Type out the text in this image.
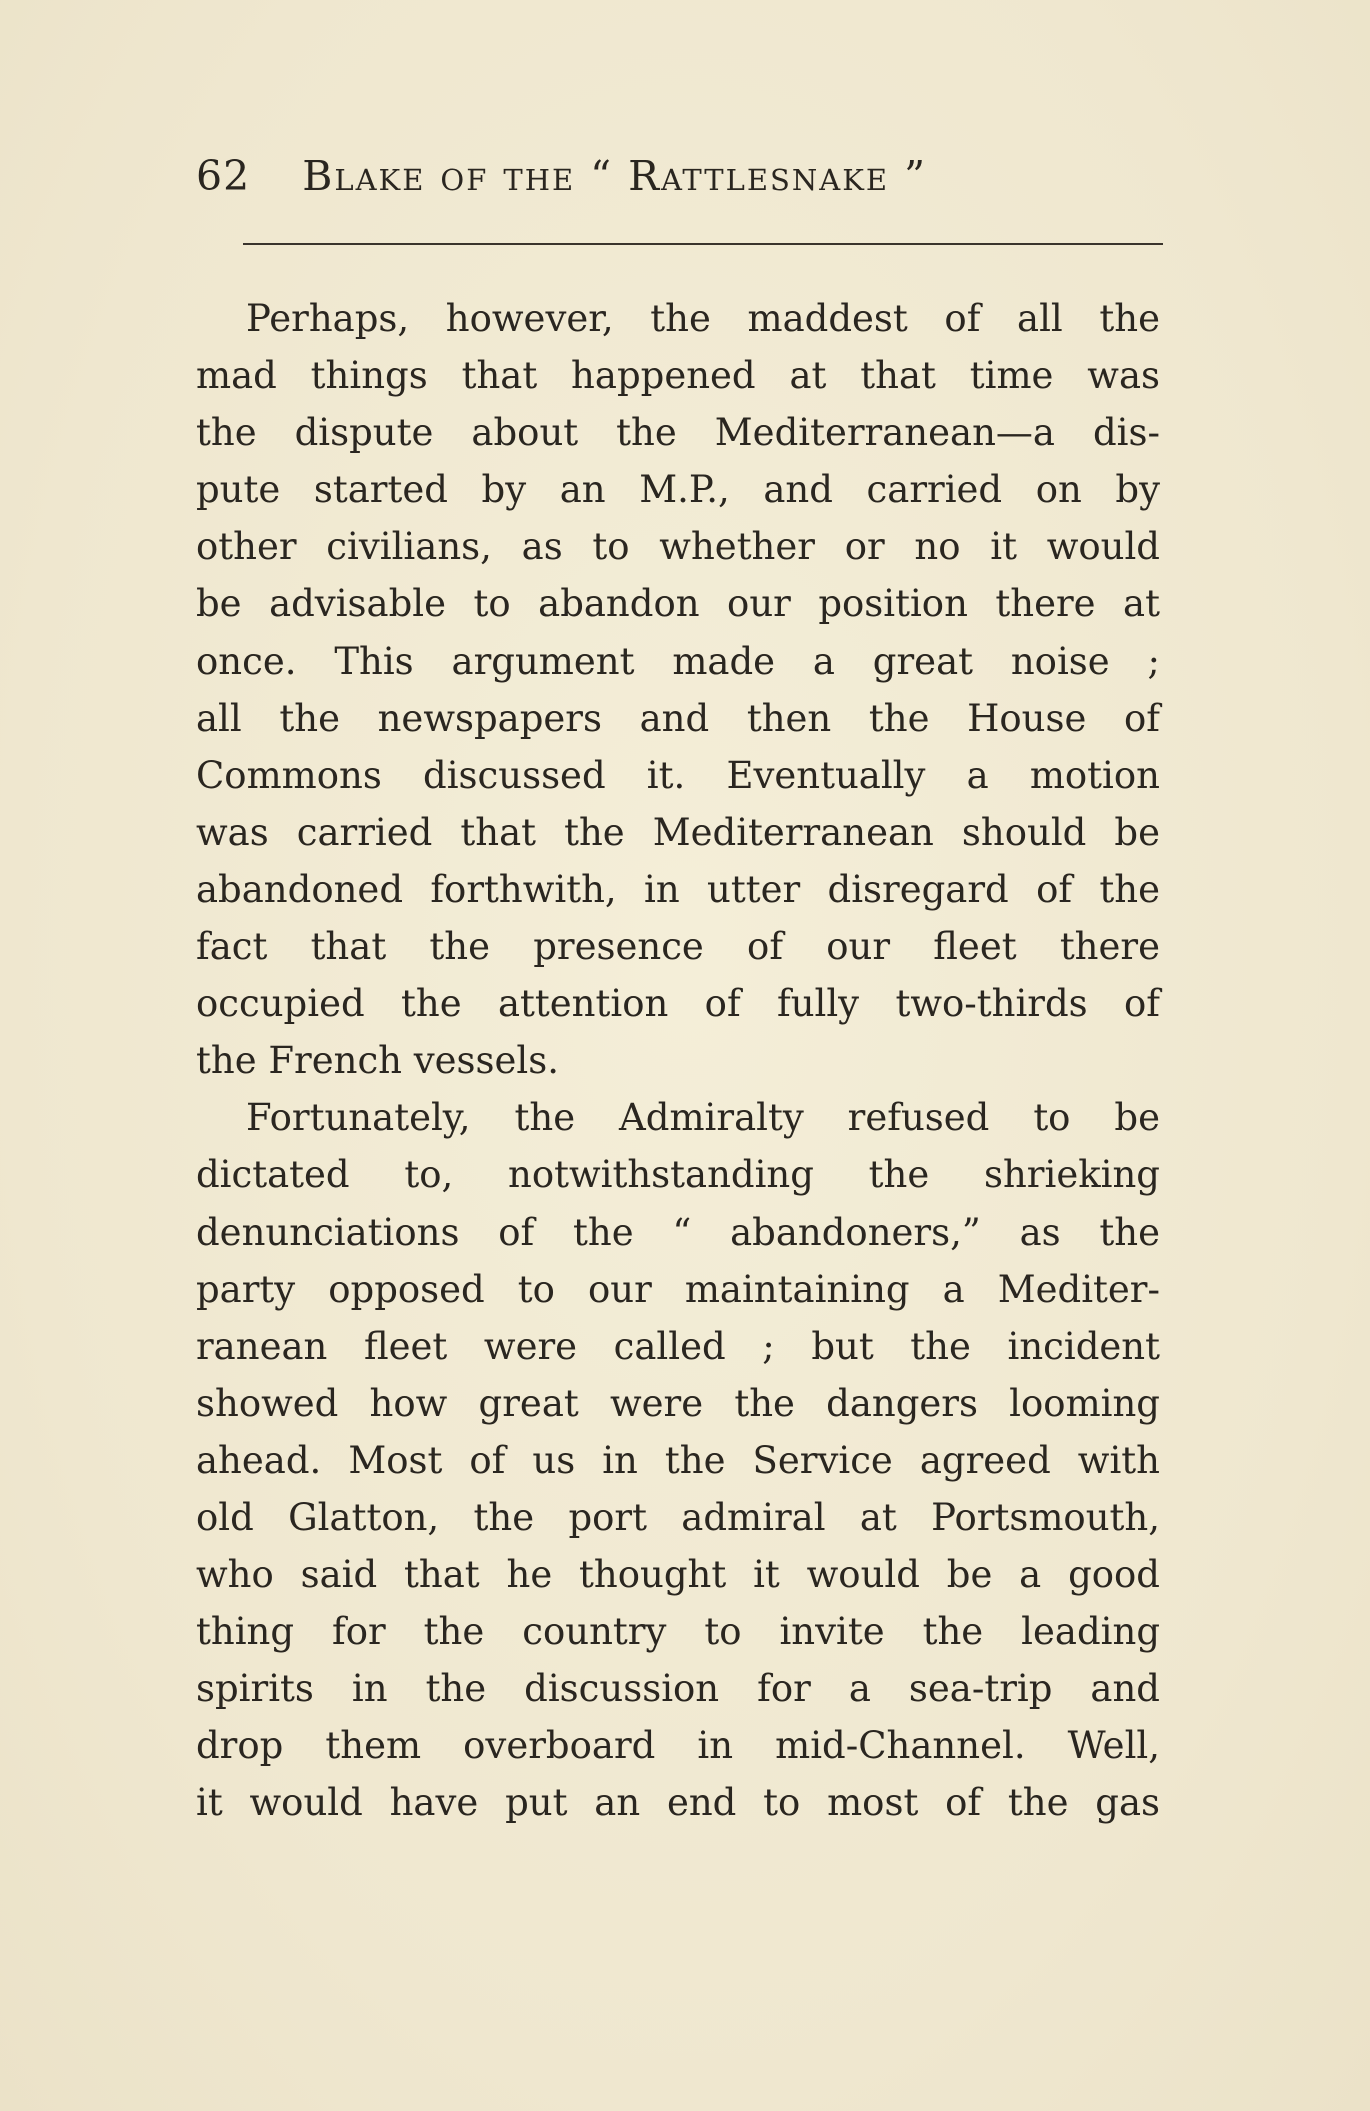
62 Blake of the “ Rattlesnake ”
Perhaps, however, the maddest of all the
mad things that happened at that time was
the dispute about the Mediterranean—a dis-
pute started by an M.P., and carried on by
other civilians, as to whether or no it would
be advisable to abandon our position there at
once. This argument made a great noise ;
all the newspapers and then the House of
Commons discussed it. Eventually a motion
was carried that the Mediterranean should be
abandoned forthwith, in utter disregard of the
fact that the presence of our fleet there
occupied the attention of fully two-thirds of
the French vessels.
Fortunately, the Admiralty refused to be
dictated to, notwithstanding the shrieking
denunciations of the “ abandoners,” as the
party opposed to our maintaining a Mediter-
ranean fleet were called ; but the incident
showed how great were the dangers looming
ahead. Most of us in the Service agreed with
old Glatton, the port admiral at Portsmouth,
who said that he thought it would be a good
thing for the country to invite the leading
spirits in the discussion for a sea-trip and
drop them overboard in mid-Channel. Well,
it would have put an end to most of the gas
